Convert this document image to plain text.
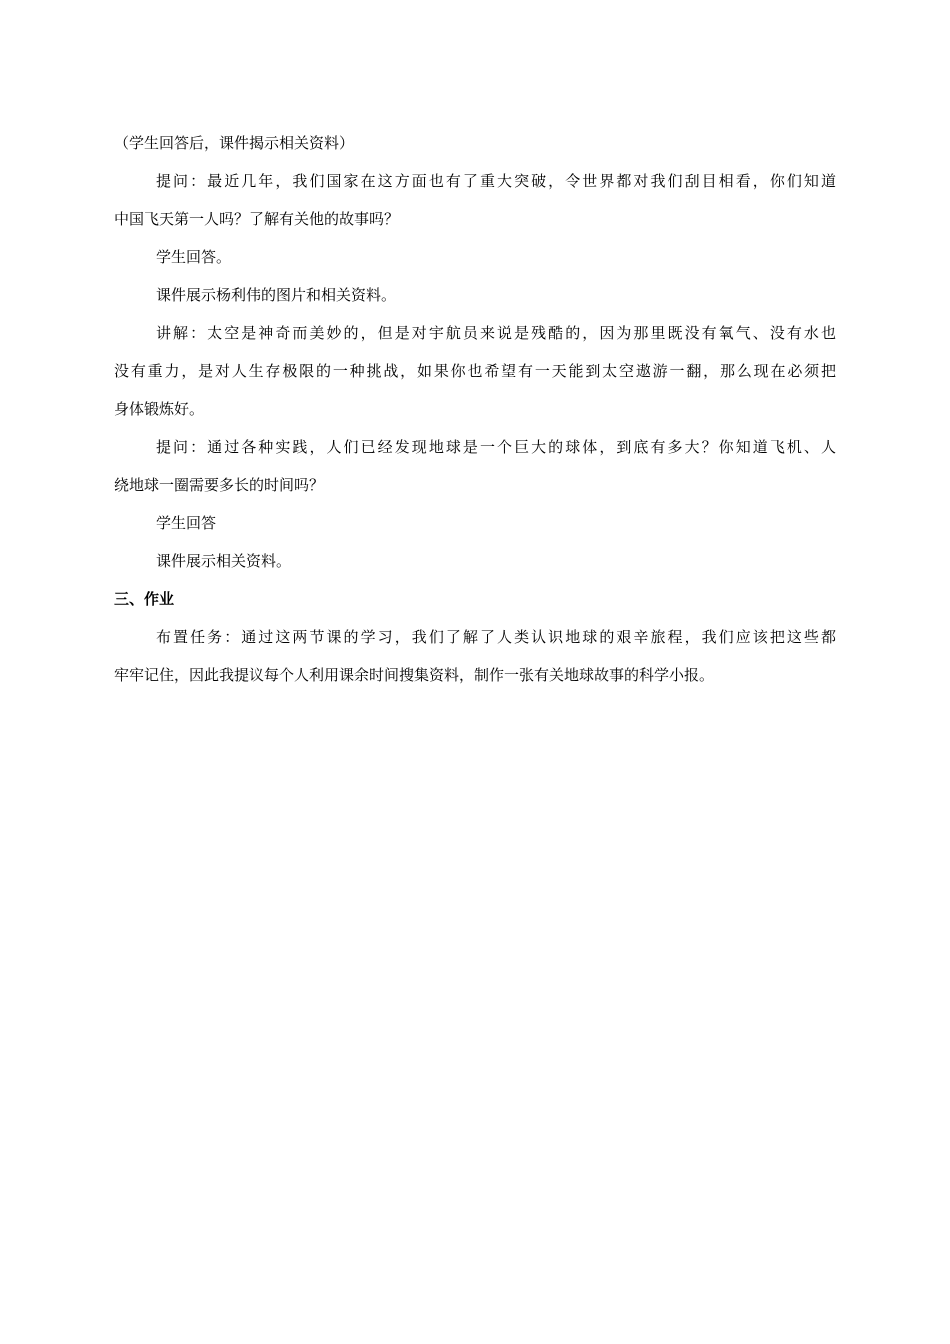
（学生回答后，课件揭示相关资料）
提问：最近几年，我们国家在这方面也有了重大突破，令世界都对我们刮目相看，你们知道
中国飞天第一人吗？了解有关他的故事吗？
学生回答。
课件展示杨利伟的图片和相关资料。
讲解：太空是神奇而美妙的，但是对宇航员来说是残酷的，因为那里既没有氧气、没有水也
没有重力，是对人生存极限的一种挑战，如果你也希望有一天能到太空遨游一翻，那么现在必须把
身体锻炼好。
提问：通过各种实践，人们已经发现地球是一个巨大的球体，到底有多大？你知道飞机、人
绕地球一圈需要多长的时间吗？
学生回答
课件展示相关资料。
三、作业
布置任务：通过这两节课的学习，我们了解了人类认识地球的艰辛旅程，我们应该把这些都
牢牢记住，因此我提议每个人利用课余时间搜集资料，制作一张有关地球故事的科学小报。
